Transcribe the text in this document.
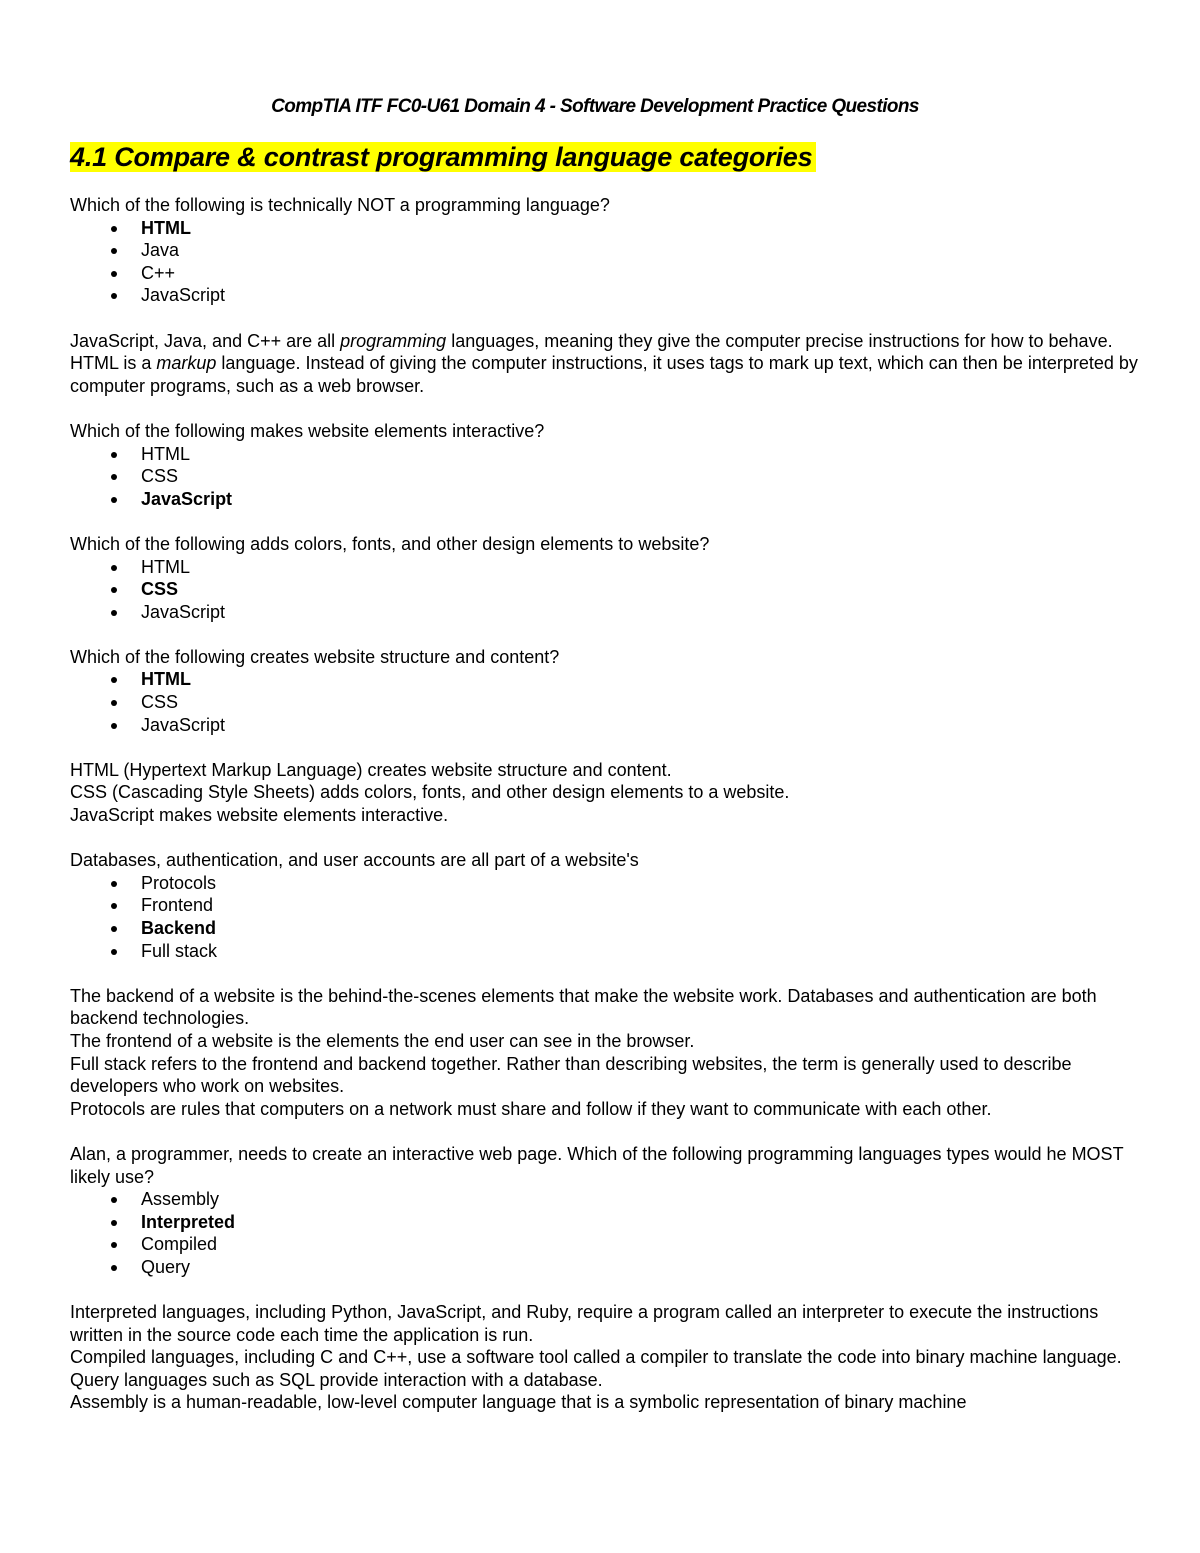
CompTIA ITF FC0-U61 Domain 4 - Software Development Practice Questions
4.1 Compare & contrast programming language categories

Which of the following is technically NOT a programming language?

HTML
Java
C++
JavaScript

JavaScript, Java, and C++ are all programming languages, meaning they give the computer precise instructions for how to behave.

HTML is a markup language. Instead of giving the computer instructions, it uses tags to mark up text, which can then be interpreted by computer programs, such as a web browser.

Which of the following makes website elements interactive?

HTML
CSS
JavaScript

Which of the following adds colors, fonts, and other design elements to website?

HTML
CSS
JavaScript

Which of the following creates website structure and content?

HTML
CSS
JavaScript

HTML (Hypertext Markup Language) creates website structure and content.

CSS (Cascading Style Sheets) adds colors, fonts, and other design elements to a website.

JavaScript makes website elements interactive.

Databases, authentication, and user accounts are all part of a website's

Protocols
Frontend
Backend
Full stack

The backend of a website is the behind-the-scenes elements that make the website work. Databases and authentication are both backend technologies.

The frontend of a website is the elements the end user can see in the browser.

Full stack refers to the frontend and backend together. Rather than describing websites, the term is generally used to describe developers who work on websites.

Protocols are rules that computers on a network must share and follow if they want to communicate with each other.

Alan, a programmer, needs to create an interactive web page. Which of the following programming languages types would he MOST likely use?

Assembly
Interpreted
Compiled
Query

Interpreted languages, including Python, JavaScript, and Ruby, require a program called an interpreter to execute the instructions written in the source code each time the application is run.

Compiled languages, including C and C++, use a software tool called a compiler to translate the code into binary machine language.

Query languages such as SQL provide interaction with a database.

Assembly is a human-readable, low-level computer language that is a symbolic representation of binary machine
